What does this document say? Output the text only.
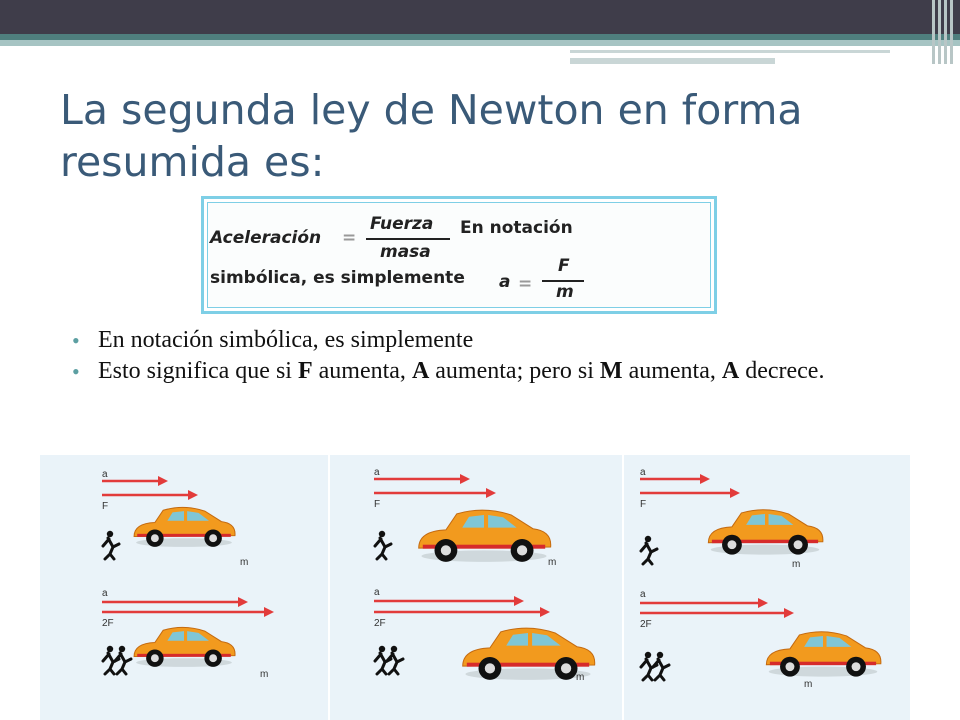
La segunda ley de Newton en forma resumida es:
Aceleración =
Fuerza
masa
En notación
simbólica, es simplemente a =
F
m
• En notación simbólica, es simplemente
• Esto significa que si F aumenta, A aumenta; pero si M aumenta, A decrece.
a
F
m
a
2F
m
a
F
m
a
2F
m
a
F
m
a
2F
m
